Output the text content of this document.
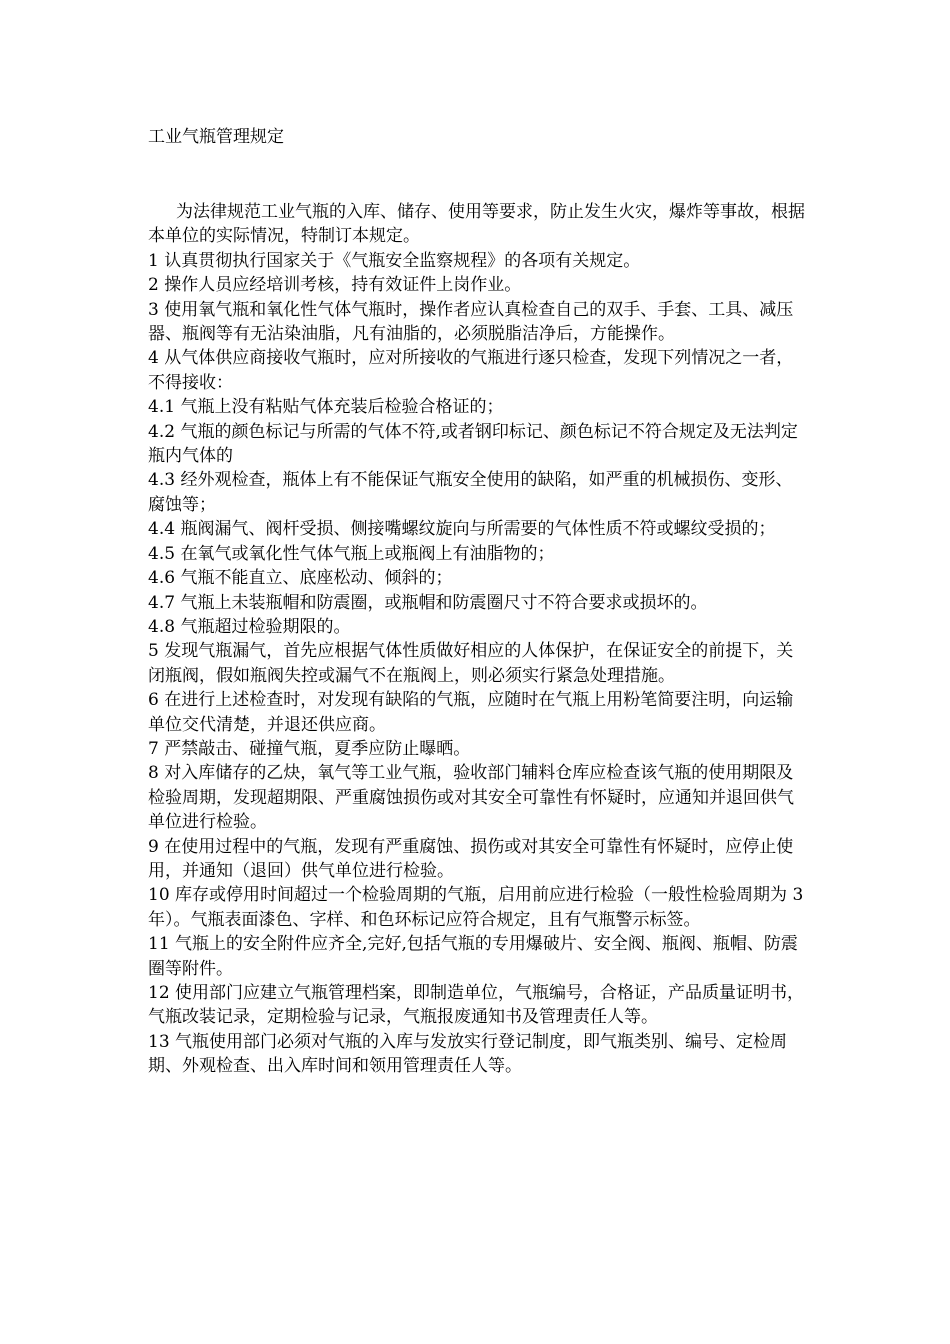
工业气瓶管理规定

为法律规范工业气瓶的入库、储存、使用等要求，防止发生火灾，爆炸等事故，根据本单位的实际情况，特制订本规定。

1 认真贯彻执行国家关于《气瓶安全监察规程》的各项有关规定。

2 操作人员应经培训考核，持有效证件上岗作业。

3 使用氧气瓶和氧化性气体气瓶时，操作者应认真检查自己的双手、手套、工具、减压器、瓶阀等有无沾染油脂，凡有油脂的，必须脱脂洁净后，方能操作。

4 从气体供应商接收气瓶时，应对所接收的气瓶进行逐只检查，发现下列情况之一者，不得接收：

4.1 气瓶上没有粘贴气体充装后检验合格证的；

4.2 气瓶的颜色标记与所需的气体不符,或者钢印标记、颜色标记不符合规定及无法判定瓶内气体的

4.3 经外观检查，瓶体上有不能保证气瓶安全使用的缺陷，如严重的机械损伤、变形、腐蚀等；

4.4 瓶阀漏气、阀杆受损、侧接嘴螺纹旋向与所需要的气体性质不符或螺纹受损的；

4.5 在氧气或氧化性气体气瓶上或瓶阀上有油脂物的；

4.6 气瓶不能直立、底座松动、倾斜的；

4.7 气瓶上未装瓶帽和防震圈，或瓶帽和防震圈尺寸不符合要求或损坏的。

4.8 气瓶超过检验期限的。

5 发现气瓶漏气，首先应根据气体性质做好相应的人体保护，在保证安全的前提下，关闭瓶阀，假如瓶阀失控或漏气不在瓶阀上，则必须实行紧急处理措施。

6 在进行上述检查时，对发现有缺陷的气瓶，应随时在气瓶上用粉笔简要注明，向运输单位交代清楚，并退还供应商。

7 严禁敲击、碰撞气瓶，夏季应防止曝晒。

8 对入库储存的乙炔，氧气等工业气瓶，验收部门辅料仓库应检查该气瓶的使用期限及检验周期，发现超期限、严重腐蚀损伤或对其安全可靠性有怀疑时，应通知并退回供气单位进行检验。

9 在使用过程中的气瓶，发现有严重腐蚀、损伤或对其安全可靠性有怀疑时，应停止使用，并通知（退回）供气单位进行检验。

10 库存或停用时间超过一个检验周期的气瓶，启用前应进行检验（一般性检验周期为 3 年）。气瓶表面漆色、字样、和色环标记应符合规定，且有气瓶警示标签。

11 气瓶上的安全附件应齐全,完好,包括气瓶的专用爆破片、安全阀、瓶阀、瓶帽、防震圈等附件。

12 使用部门应建立气瓶管理档案，即制造单位，气瓶编号，合格证，产品质量证明书，气瓶改装记录，定期检验与记录，气瓶报废通知书及管理责任人等。

13 气瓶使用部门必须对气瓶的入库与发放实行登记制度，即气瓶类别、编号、定检周期、外观检查、出入库时间和领用管理责任人等。
